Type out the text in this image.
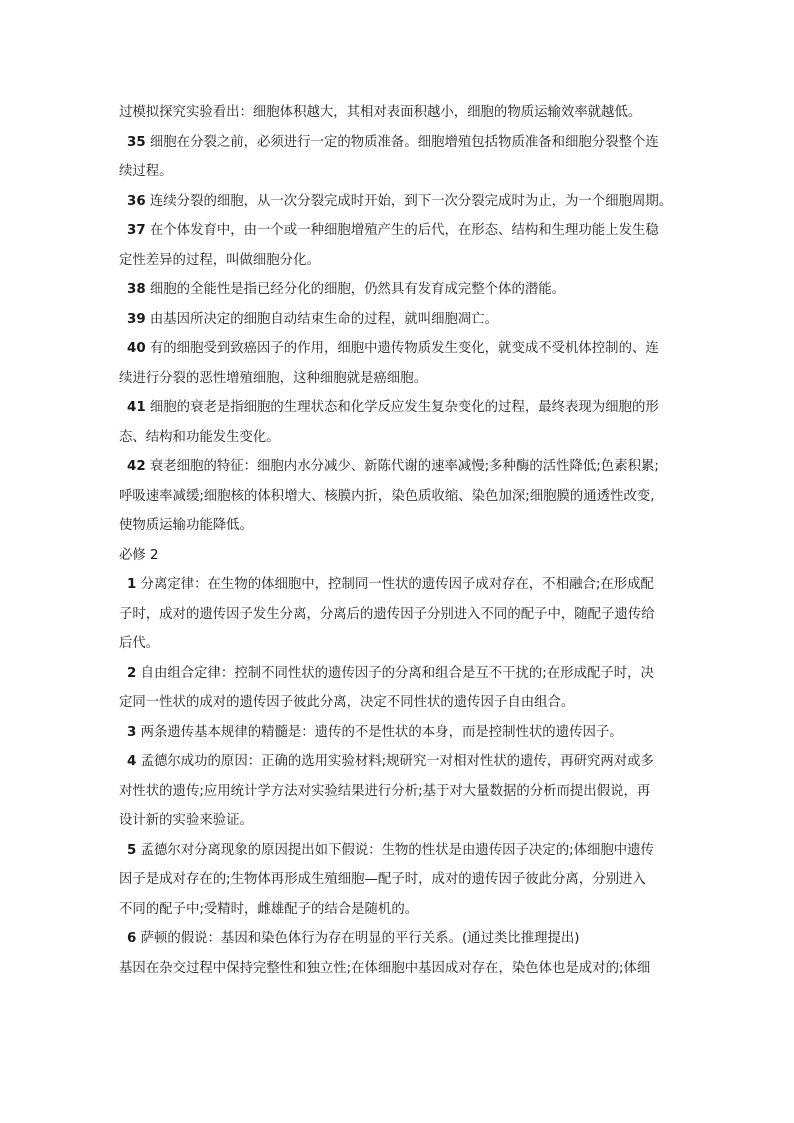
过模拟探究实验看出：细胞体积越大，其相对表面积越小，细胞的物质运输效率就越低。
35 细胞在分裂之前，必须进行一定的物质准备。细胞增殖包括物质准备和细胞分裂整个连
续过程。
36 连续分裂的细胞，从一次分裂完成时开始，到下一次分裂完成时为止，为一个细胞周期。
37 在个体发育中，由一个或一种细胞增殖产生的后代，在形态、结构和生理功能上发生稳
定性差异的过程，叫做细胞分化。
38 细胞的全能性是指已经分化的细胞，仍然具有发育成完整个体的潜能。
39 由基因所决定的细胞自动结束生命的过程，就叫细胞凋亡。
40 有的细胞受到致癌因子的作用，细胞中遗传物质发生变化，就变成不受机体控制的、连
续进行分裂的恶性增殖细胞，这种细胞就是癌细胞。
41 细胞的衰老是指细胞的生理状态和化学反应发生复杂变化的过程，最终表现为细胞的形
态、结构和功能发生变化。
42 衰老细胞的特征：细胞内水分减少、新陈代谢的速率减慢;多种酶的活性降低;色素积累;
呼吸速率减缓;细胞核的体积增大、核膜内折，染色质收缩、染色加深;细胞膜的通透性改变,
使物质运输功能降低。
必修 2
1 分离定律：在生物的体细胞中，控制同一性状的遗传因子成对存在，不相融合;在形成配
子时，成对的遗传因子发生分离，分离后的遗传因子分别进入不同的配子中，随配子遗传给
后代。
2 自由组合定律：控制不同性状的遗传因子的分离和组合是互不干扰的;在形成配子时，决
定同一性状的成对的遗传因子彼此分离，决定不同性状的遗传因子自由组合。
3 两条遗传基本规律的精髓是：遗传的不是性状的本身，而是控制性状的遗传因子。
4 孟德尔成功的原因：正确的选用实验材料;规研究一对相对性状的遗传，再研究两对或多
对性状的遗传;应用统计学方法对实验结果进行分析;基于对大量数据的分析而提出假说，再
设计新的实验来验证。
5 孟德尔对分离现象的原因提出如下假说：生物的性状是由遗传因子决定的;体细胞中遗传
因子是成对存在的;生物体再形成生殖细胞—配子时，成对的遗传因子彼此分离，分别进入
不同的配子中;受精时，雌雄配子的结合是随机的。
6 萨顿的假说：基因和染色体行为存在明显的平行关系。(通过类比推理提出)
基因在杂交过程中保持完整性和独立性;在体细胞中基因成对存在，染色体也是成对的;体细
